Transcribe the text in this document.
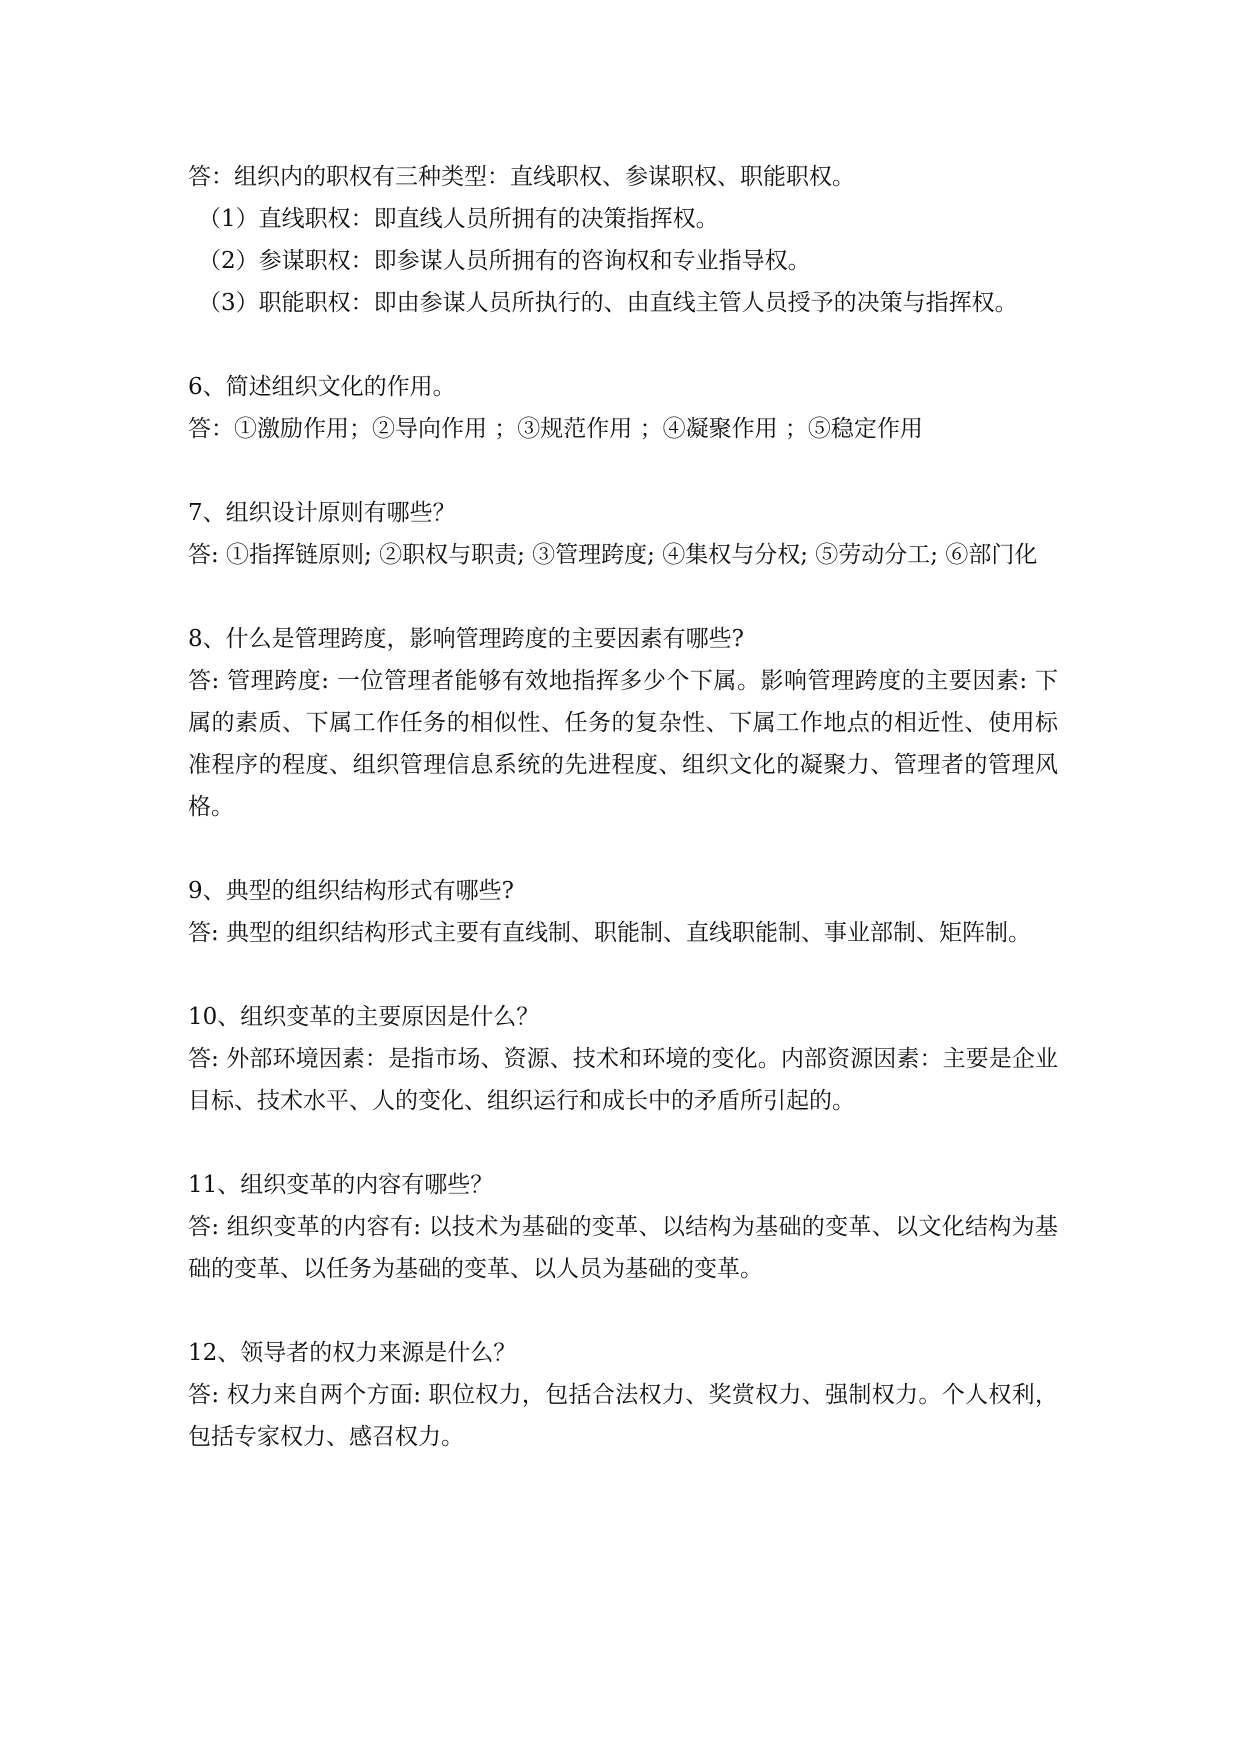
答：组织内的职权有三种类型：直线职权、参谋职权、职能职权。
（1）直线职权：即直线人员所拥有的决策指挥权。
（2）参谋职权：即参谋人员所拥有的咨询权和专业指导权。
（3）职能职权：即由参谋人员所执行的、由直线主管人员授予的决策与指挥权。
6、简述组织文化的作用。
答：①激励作用；②导向作用 ；③规范作用 ；④凝聚作用 ；⑤稳定作用
7、组织设计原则有哪些？
答: ①指挥链原则; ②职权与职责; ③管理跨度; ④集权与分权; ⑤劳动分工; ⑥部门化
8、什么是管理跨度，影响管理跨度的主要因素有哪些?
答: 管理跨度: 一位管理者能够有效地指挥多少个下属。影响管理跨度的主要因素: 下属的素质、下属工作任务的相似性、任务的复杂性、下属工作地点的相近性、使用标准程序的程度、组织管理信息系统的先进程度、组织文化的凝聚力、管理者的管理风格。
9、典型的组织结构形式有哪些?
答: 典型的组织结构形式主要有直线制、职能制、直线职能制、事业部制、矩阵制。
10、组织变革的主要原因是什么？
答: 外部环境因素：是指市场、资源、技术和环境的变化。内部资源因素：主要是企业目标、技术水平、人的变化、组织运行和成长中的矛盾所引起的。
11、组织变革的内容有哪些？
答: 组织变革的内容有: 以技术为基础的变革、以结构为基础的变革、以文化结构为基础的变革、以任务为基础的变革、以人员为基础的变革。
12、领导者的权力来源是什么？
答: 权力来自两个方面: 职位权力，包括合法权力、奖赏权力、强制权力。个人权利，包括专家权力、感召权力。
